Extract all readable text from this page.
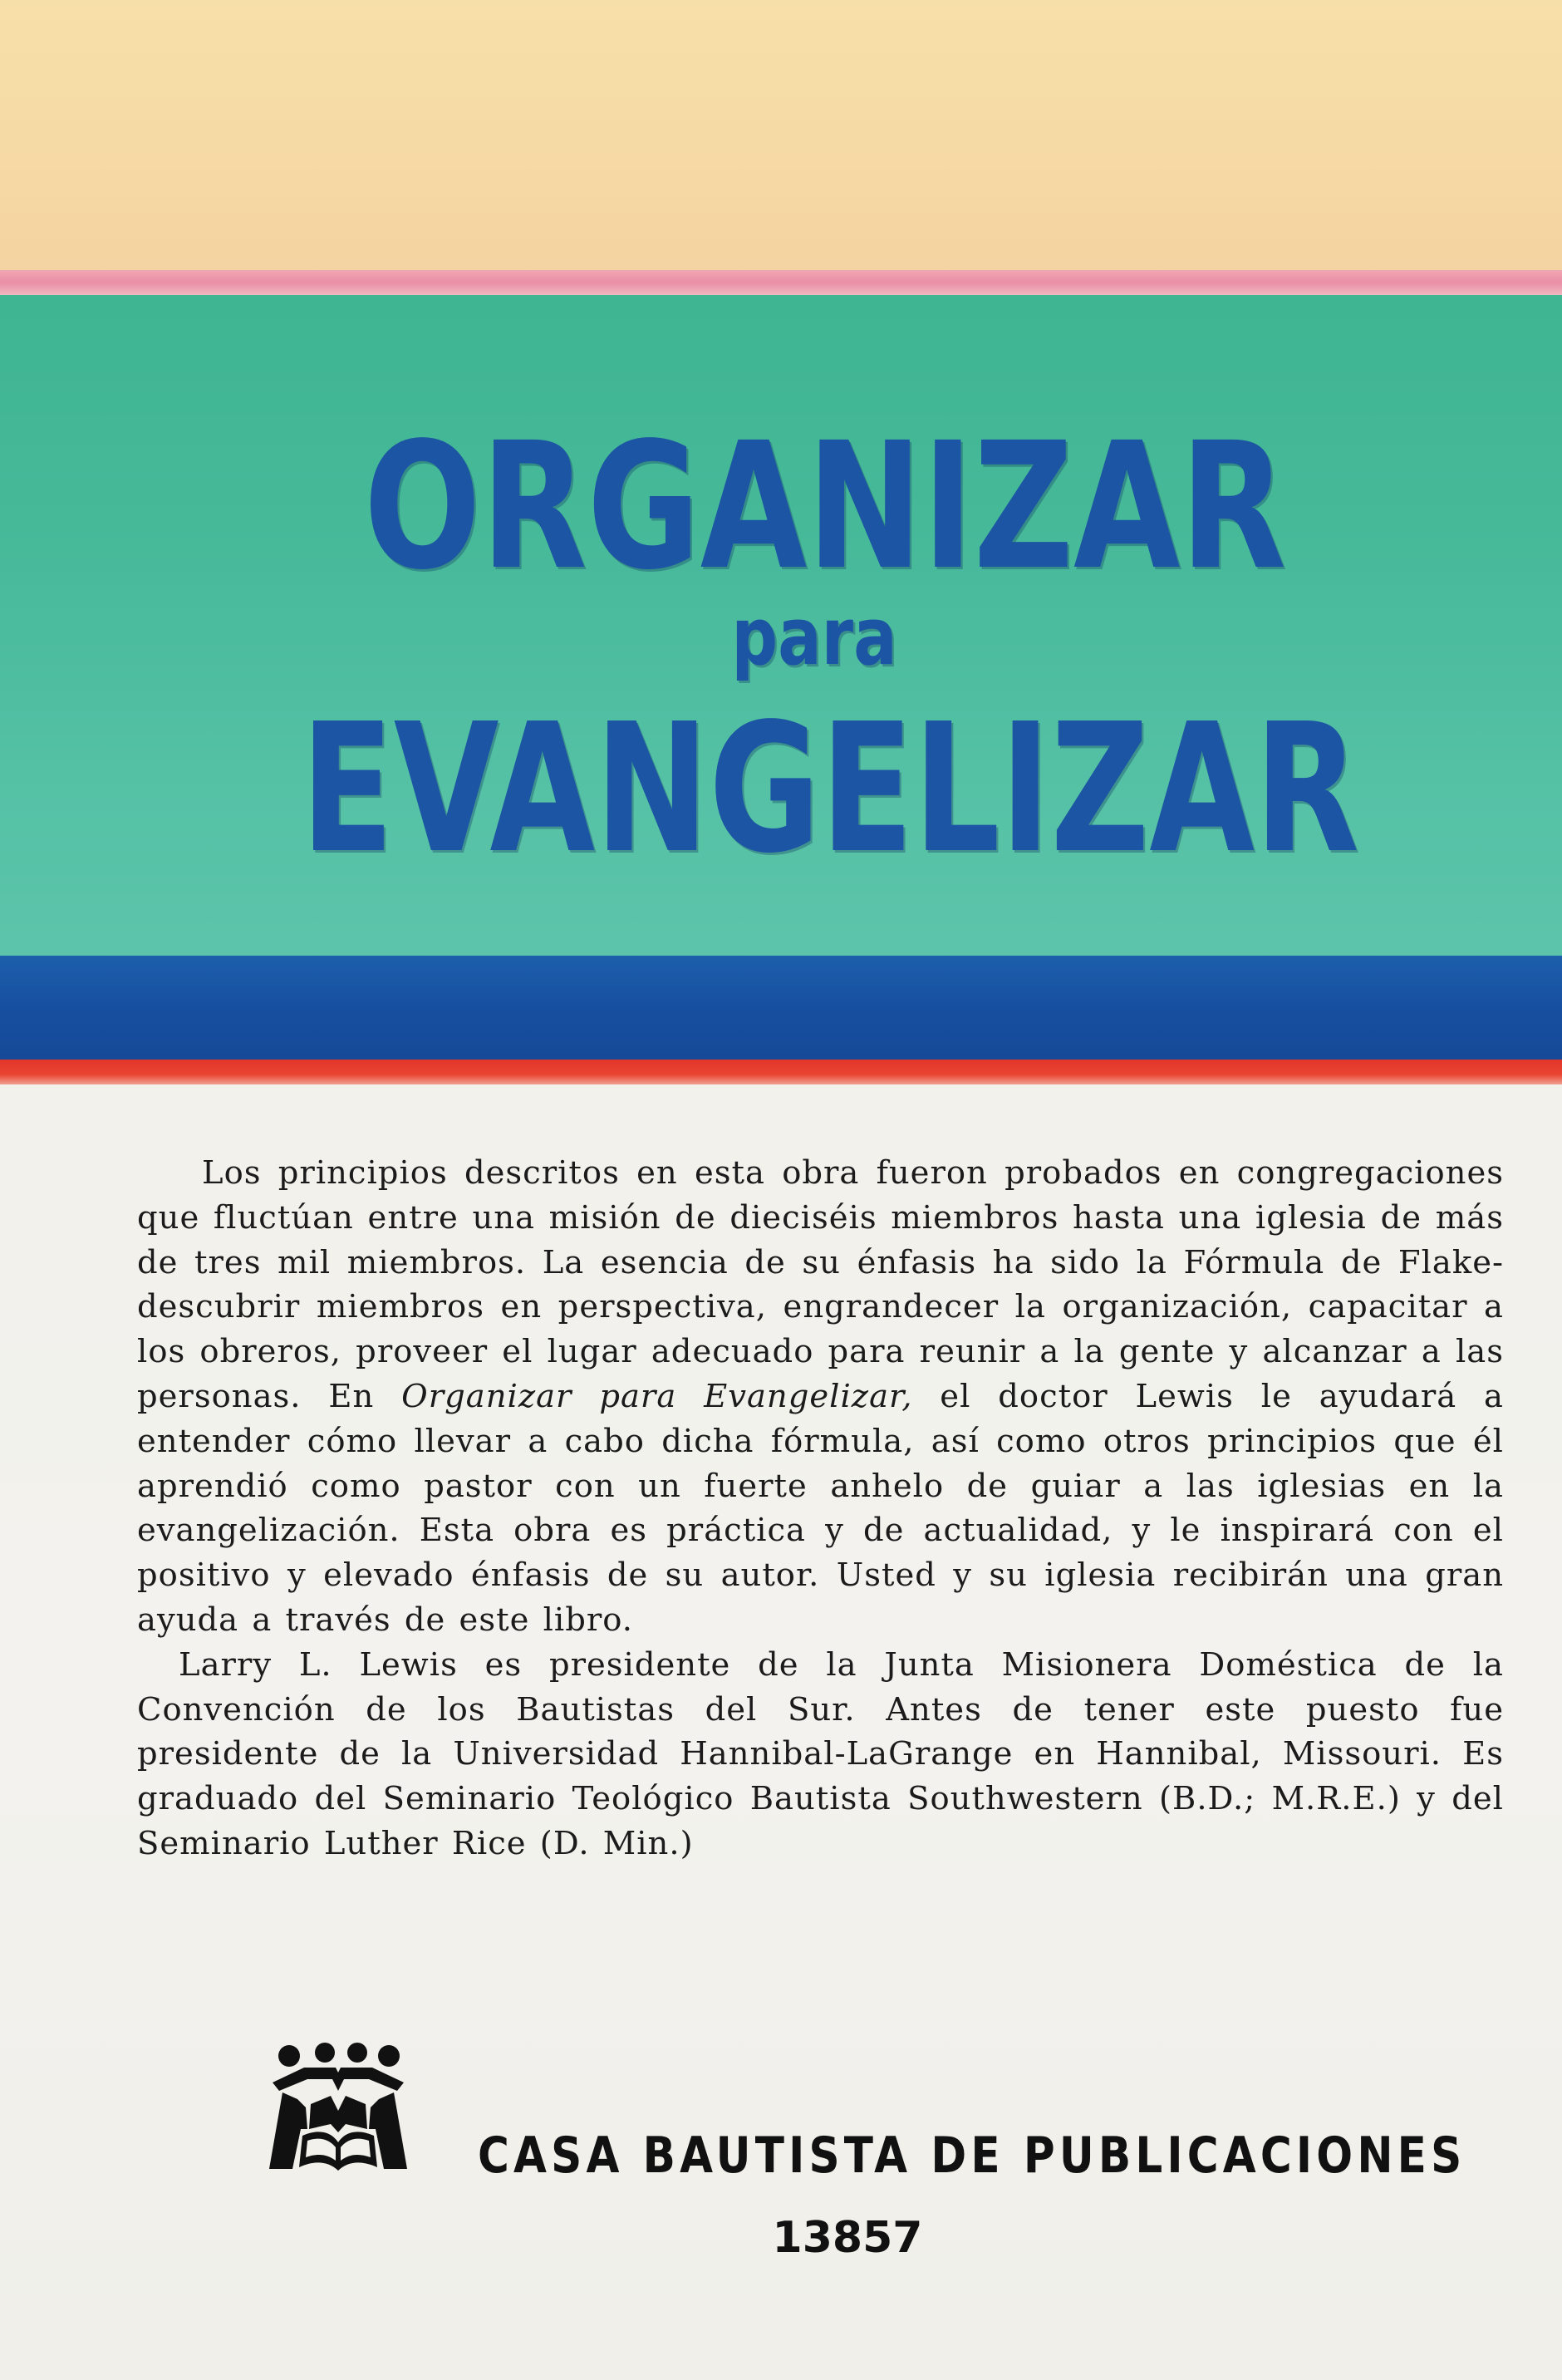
ORGANIZAR
para
EVANGELIZAR

Los principios descritos en esta obra fueron probados en congregaciones que fluctúan entre una misión de dieciséis miembros hasta una iglesia de más de tres mil miembros. La esencia de su énfasis ha sido la Fórmula de Flake-descubrir miembros en perspectiva, engrandecer la organización, capacitar a los obreros, proveer el lugar adecuado para reunir a la gente y alcanzar a las personas. En Organizar para Evangelizar, el doctor Lewis le ayudará a entender cómo llevar a cabo dicha fórmula, así como otros principios que él aprendió como pastor con un fuerte anhelo de guiar a las iglesias en la evangelización. Esta obra es práctica y de actualidad, y le inspirará con el positivo y elevado énfasis de su autor. Usted y su iglesia recibirán una gran ayuda a través de este libro.

Larry L. Lewis es presidente de la Junta Misionera Doméstica de la Convención de los Bautistas del Sur. Antes de tener este puesto fue presidente de la Universidad Hannibal-LaGrange en Hannibal, Missouri. Es graduado del Seminario Teológico Bautista Southwestern (B.D.; M.R.E.) y del Seminario Luther Rice (D. Min.)

CASA BAUTISTA DE PUBLICACIONES
13857
